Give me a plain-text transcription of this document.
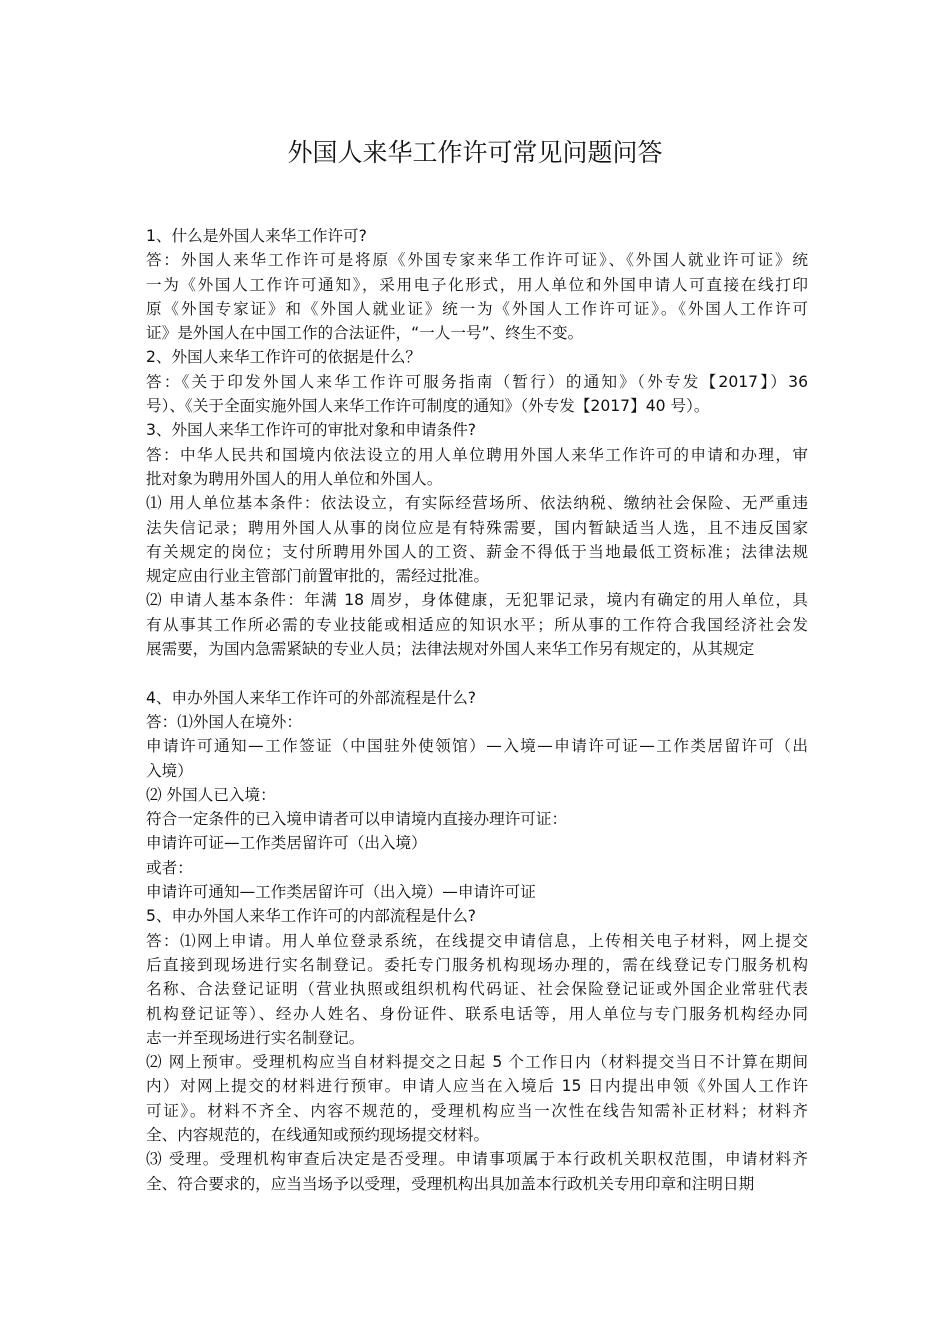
外国人来华工作许可常见问题问答
1、什么是外国人来华工作许可?
答：外国人来华工作许可是将原《外国专家来华工作许可证》、《外国人就业许可证》统
一为《外国人工作许可通知》，采用电子化形式，用人单位和外国申请人可直接在线打印
原《外国专家证》和《外国人就业证》统一为《外国人工作许可证》。《外国人工作许可
证》是外国人在中国工作的合法证件，“一人一号”、终生不变。
2、外国人来华工作许可的依据是什么？
答：《关于印发外国人来华工作许可服务指南（暂行）的通知》（外专发【2017】）36
号）、《关于全面实施外国人来华工作许可制度的通知》（外专发【2017】40 号）。
3、外国人来华工作许可的审批对象和申请条件?
答：中华人民共和国境内依法设立的用人单位聘用外国人来华工作许可的申请和办理，审
批对象为聘用外国人的用人单位和外国人。
⑴ 用人单位基本条件：依法设立，有实际经营场所、依法纳税、缴纳社会保险、无严重违
法失信记录；聘用外国人从事的岗位应是有特殊需要，国内暂缺适当人选，且不违反国家
有关规定的岗位；支付所聘用外国人的工资、薪金不得低于当地最低工资标准；法律法规
规定应由行业主管部门前置审批的，需经过批准。
⑵ 申请人基本条件：年满 18 周岁，身体健康，无犯罪记录，境内有确定的用人单位，具
有从事其工作所必需的专业技能或相适应的知识水平；所从事的工作符合我国经济社会发
展需要，为国内急需紧缺的专业人员；法律法规对外国人来华工作另有规定的，从其规定
4、申办外国人来华工作许可的外部流程是什么?
答：⑴外国人在境外：
申请许可通知—工作签证（中国驻外使领馆）—入境—申请许可证—工作类居留许可（出
入境）
⑵ 外国人已入境：
符合一定条件的已入境申请者可以申请境内直接办理许可证：
申请许可证—工作类居留许可（出入境）
或者：
申请许可通知—工作类居留许可（出入境）—申请许可证
5、申办外国人来华工作许可的内部流程是什么?
答：⑴网上申请。用人单位登录系统，在线提交申请信息，上传相关电子材料，网上提交
后直接到现场进行实名制登记。委托专门服务机构现场办理的，需在线登记专门服务机构
名称、合法登记证明（营业执照或组织机构代码证、社会保险登记证或外国企业常驻代表
机构登记证等）、经办人姓名、身份证件、联系电话等，用人单位与专门服务机构经办同
志一并至现场进行实名制登记。
⑵ 网上预审。受理机构应当自材料提交之日起 5 个工作日内（材料提交当日不计算在期间
内）对网上提交的材料进行预审。申请人应当在入境后 15 日内提出申领《外国人工作许
可证》。材料不齐全、内容不规范的，受理机构应当一次性在线告知需补正材料；材料齐
全、内容规范的，在线通知或预约现场提交材料。
⑶ 受理。受理机构审查后决定是否受理。申请事项属于本行政机关职权范围，申请材料齐
全、符合要求的，应当当场予以受理，受理机构出具加盖本行政机关专用印章和注明日期
